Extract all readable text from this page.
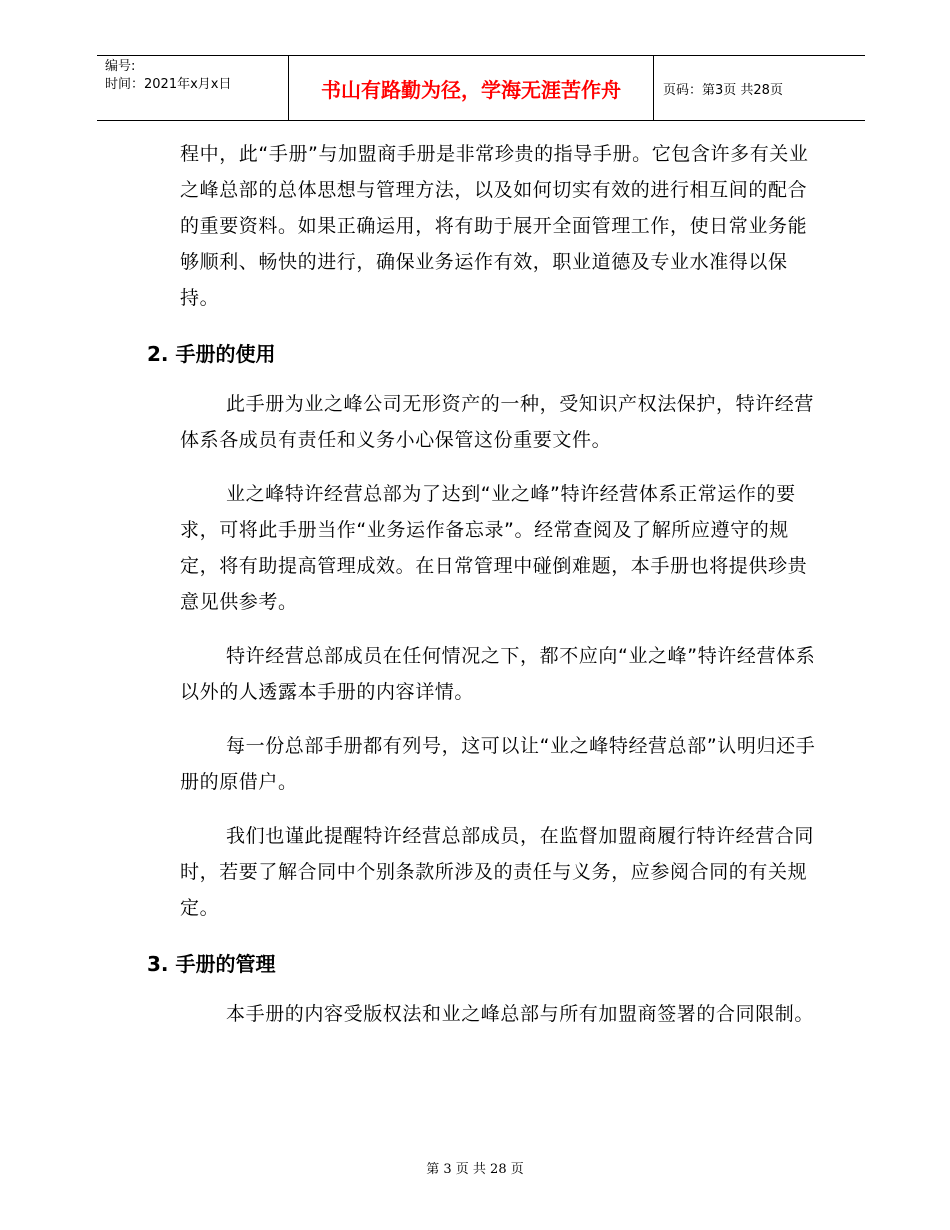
编号:
时间：2021年x月x日	书山有路勤为径，学海无涯苦作舟	页码：第3页 共28页

程中，此“手册”与加盟商手册是非常珍贵的指导手册。它包含许多有关业之峰总部的总体思想与管理方法，以及如何切实有效的进行相互间的配合的重要资料。如果正确运用，将有助于展开全面管理工作，使日常业务能够顺利、畅快的进行，确保业务运作有效，职业道德及专业水准得以保持。

2. 手册的使用

此手册为业之峰公司无形资产的一种，受知识产权法保护，特许经营体系各成员有责任和义务小心保管这份重要文件。

业之峰特许经营总部为了达到“业之峰”特许经营体系正常运作的要求，可将此手册当作“业务运作备忘录”。经常查阅及了解所应遵守的规定，将有助提高管理成效。在日常管理中碰倒难题，本手册也将提供珍贵意见供参考。

特许经营总部成员在任何情况之下，都不应向“业之峰”特许经营体系以外的人透露本手册的内容详情。

每一份总部手册都有列号，这可以让“业之峰特经营总部”认明归还手册的原借户。

我们也谨此提醒特许经营总部成员，在监督加盟商履行特许经营合同时，若要了解合同中个别条款所涉及的责任与义务，应参阅合同的有关规定。

3. 手册的管理

本手册的内容受版权法和业之峰总部与所有加盟商签署的合同限制。

第 3 页 共 28 页
